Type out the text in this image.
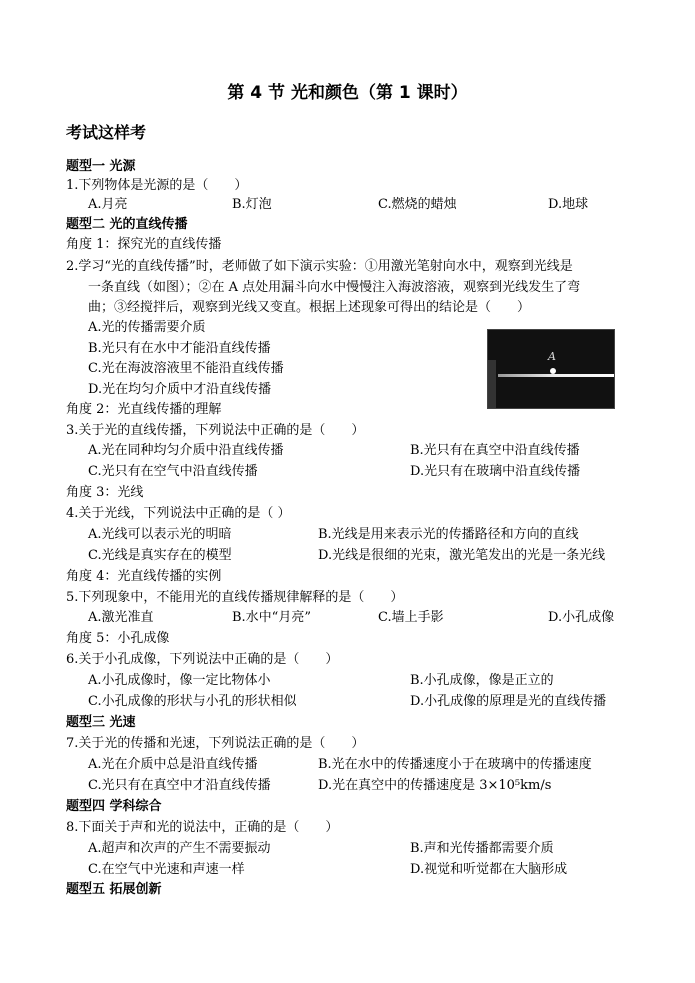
第 4 节 光和颜色（第 1 课时）
考试这样考
题型一 光源
1.下列物体是光源的是（　　）
A.月亮	B.灯泡	C.燃烧的蜡烛	D.地球
题型二 光的直线传播
角度 1：探究光的直线传播
2.学习“光的直线传播”时，老师做了如下演示实验：①用激光笔射向水中，观察到光线是
一条直线（如图）；②在 A 点处用漏斗向水中慢慢注入海波溶液，观察到光线发生了弯
曲；③经搅拌后，观察到光线又变直。根据上述现象可得出的结论是（　　）
A.光的传播需要介质
B.光只有在水中才能沿直线传播
C.光在海波溶液里不能沿直线传播
D.光在均匀介质中才沿直线传播
角度 2：光直线传播的理解
3.关于光的直线传播，下列说法中正确的是（　　）
A.光在同种均匀介质中沿直线传播	B.光只有在真空中沿直线传播
C.光只有在空气中沿直线传播	D.光只有在玻璃中沿直线传播
角度 3：光线
4.关于光线，下列说法中正确的是（ ）
A.光线可以表示光的明暗	B.光线是用来表示光的传播路径和方向的直线
C.光线是真实存在的模型	D.光线是很细的光束，激光笔发出的光是一条光线
角度 4：光直线传播的实例
5.下列现象中，不能用光的直线传播规律解释的是（　　）
A.激光准直	B.水中“月亮”	C.墙上手影	D.小孔成像
角度 5：小孔成像
6.关于小孔成像，下列说法中正确的是（　　）
A.小孔成像时，像一定比物体小	B.小孔成像，像是正立的
C.小孔成像的形状与小孔的形状相似	D.小孔成像的原理是光的直线传播
题型三 光速
7.关于光的传播和光速，下列说法正确的是（　　）
A.光在介质中总是沿直线传播	B.光在水中的传播速度小于在玻璃中的传播速度
C.光只有在真空中才沿直线传播	D.光在真空中的传播速度是 3×10⁵km/s
题型四 学科综合
8.下面关于声和光的说法中，正确的是（　　）
A.超声和次声的产生不需要振动	B.声和光传播都需要介质
C.在空气中光速和声速一样	D.视觉和听觉都在大脑形成
题型五 拓展创新
A
